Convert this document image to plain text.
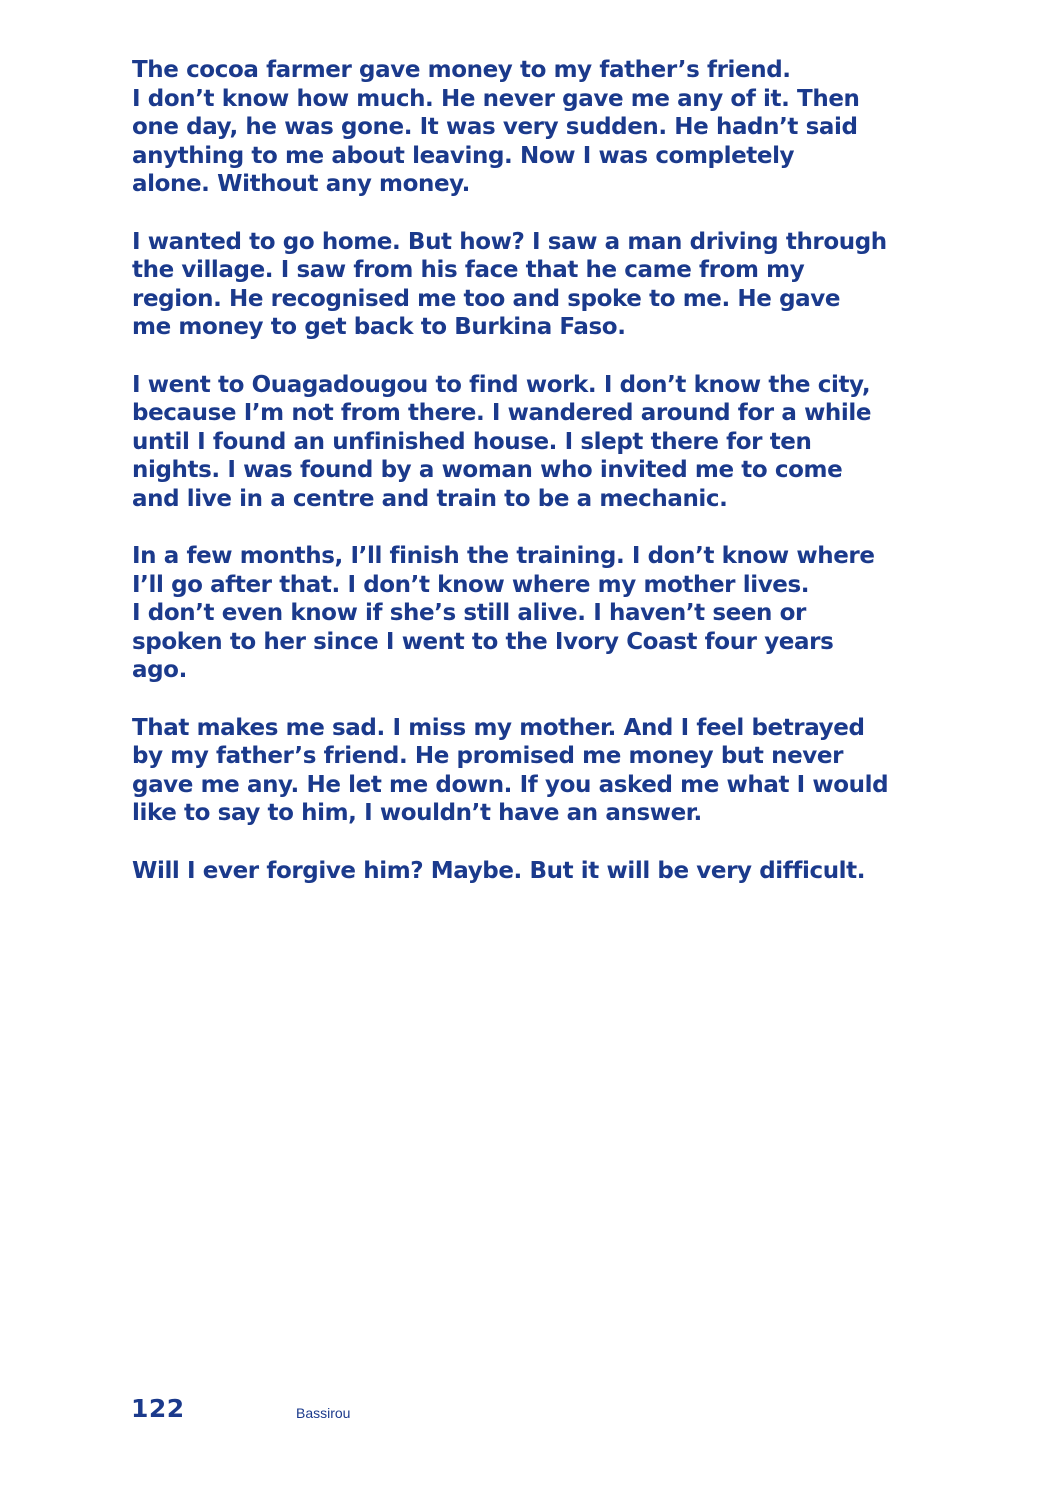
The cocoa farmer gave money to my father’s friend.
I don’t know how much. He never gave me any of it. Then
one day, he was gone. It was very sudden. He hadn’t said
anything to me about leaving. Now I was completely
alone. Without any money.

I wanted to go home. But how? I saw a man driving through
the village. I saw from his face that he came from my
region. He recognised me too and spoke to me. He gave
me money to get back to Burkina Faso.

I went to Ouagadougou to find work. I don’t know the city,
because I’m not from there. I wandered around for a while
until I found an unfinished house. I slept there for ten
nights. I was found by a woman who invited me to come
and live in a centre and train to be a mechanic.

In a few months, I’ll finish the training. I don’t know where
I’ll go after that. I don’t know where my mother lives.
I don’t even know if she’s still alive. I haven’t seen or
spoken to her since I went to the Ivory Coast four years
ago.

That makes me sad. I miss my mother. And I feel betrayed
by my father’s friend. He promised me money but never
gave me any. He let me down. If you asked me what I would
like to say to him, I wouldn’t have an answer.

Will I ever forgive him? Maybe. But it will be very difficult.

122	Bassirou
